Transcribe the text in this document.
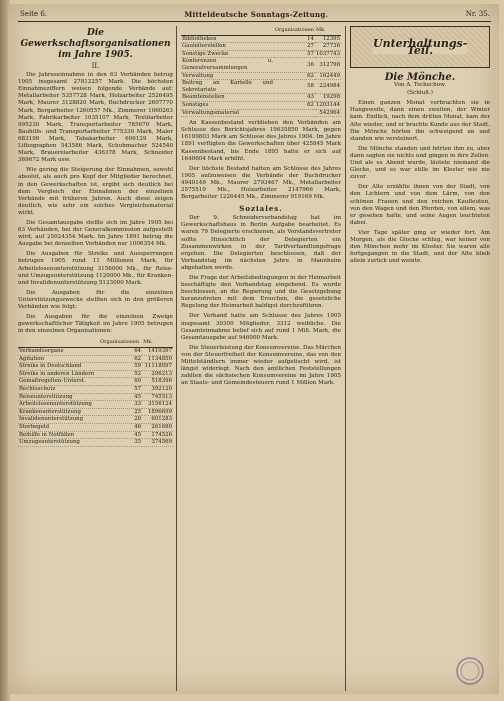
Seite 6.	Mitteldeutsche Sonntags-Zeitung.	Nr. 35.
Die Gewerkschaftsorganisationen im Jahre 1905.
II.

Die Jahreseinnahme in den 63 Verbänden betrug 1905 insgesamt 27812257 Mark. Die höchsten Einnahmeziffern weisen folgende Verbände auf: Metallarbeiter 5357728 Mark, Holzarbeiter 2526495 Mark, Maurer 3128820 Mark, Buchdrucker 2607770 Mark, Bergarbeiter 1260557 Mk., Zimmerer 1060263 Mark, Fabrikarbeiter 1035107 Mark, Textilarbeiter 995230 Mark, Transportarbeiter 785670 Mark, Bauhilfs- und Transportarbeiter 775330 Mark, Maler 683199 Mark, Tabakarbeiter 606129 Mark, Lithographen 543586 Mark, Schuhmacher 524540 Mark, Brauereiarbeiter 436378 Mark, Schneider 369672 Mark usw.

Wie gering die Steigerung der Einnahmen, sowohl absolut, als auch pro Kopf der Mitglieder berechnet, in den Gewerkschaften ist, ergibt sich deutlich bei dem Vergleich der Einnahmen der einzelnen Verbände mit früheren Jahren. Auch diese zeigen deutlich, wie sehr ein solches Vergleichsmaterial wirkt.

Die Gesamtausgabe stellte sich im Jahre 1905 bei 63 Verbänden, bei der Generalkommission aufgestellt wird, auf 25024354 Mark. Im Jahre 1891 betrug die Ausgabe bei denselben Verbänden nur 1006354 Mk.

Die Ausgaben für Streiks und Aussperrungen betrugen 1905 rund 11 Millionen Mark, für Arbeitslosenunterstützung 3156000 Mk., für Reise- und Umzugsunterstützung 1120000 Mk., für Kranken- und Invalidenunterstützung 5123000 Mark.

Die Ausgaben für die einzelnen Unterstützungszwecke stellten sich in den größeren Verbänden wie folgt:

Die Ausgaben für die einzelnen Zweige gewerkschaftlicher Tätigkeit im Jahre 1905 betrugen in den einzelnen Organisationen:

	Organisationen	Mk.
Verbandsorgane	64	1419397
Agitation	62	1134850
Streiks in Deutschland	59	11118097
Streiks in anderen Ländern	52	296213
Gemaßregelten-Unterst.	60	518396
Rechtsschutz	57	392120
Reiseunterstützung	45	745513
Arbeitslosenunterstützung	33	3156124
Krankenunterstützung	25	1896699
Invalidenunterstützung	20	601283
Sterbegeld	46	261680
Beihilfe in Notfällen	45	174526
Umzugsunterstützung	35	374569
	Organisationen	Mk.
Bibliotheken	14	12395
Gauleiterstellen	27	27736
Sonstige Zwecke	57	1037743
Konferenzen u. Generalversammlungen	36	312798
Verwaltung	62	162449
Beitrag an Kartelle und Sekretariate	58	224984
Beamtenstellen	43	19298
Sonstiges	62	1203144
Verwaltungsmaterial		542964

An Kassenbestand verblieben den Verbänden am Schlusse des Berichtsjahres 19635850 Mark, gegen 16199803 Mark am Schlusse des Jahres 1904. Im Jahre 1891 verfügten die Gewerkschaften über 425845 Mark Kassenbestand, bis Ende 1895 hatte er sich auf 1640604 Mark erhöht.

Der höchste Bestand hatten am Schlusse des Jahres 1905 aufzuweisen die Verbände der Buchdrucker 4940149 Mk., Maurer 2793467 Mk., Metallarbeiter 2575510 Mk., Holzarbeiter 2147966 Mark, Bergarbeiter 1226445 Mk., Zimmerer 919169 Mk.

Soziales.

Der 9. Schneiderverbandstag hat im Gewerkschaftshaus in Berlin Aufgabe bearbeitet. Es waren 79 Delegierte erschienen, als Vorstandsvertreter sollte Hinsichtlich der Delegierten ein Zusammenwirken in der Tarifverhandlungsfrage ergehen. Die Delegierten beschlossen, daß der Verbandstag im nächsten Jahre in Mannheim abgehalten werde.

Die Frage der Arbeitsbedingungen in der Heimarbeit beschäftigte den Verbandstag eingehend. Es wurde beschlossen, an die Regierung und die Gesetzgebung heranzutreten mit dem Ersuchen, die gesetzliche Regelung der Heimarbeit baldigst durchzuführen.

Der Verband hatte am Schlusse des Jahres 1905 insgesamt 30300 Mitglieder, 3312 weibliche. Die Gesamteinnahme belief sich auf rund 1 Mill. Mark, die Gesamtausgabe auf 946000 Mark.

Die Steuerleistung der Konsumvereine. Das Märchen von der Steuerfreiheit der Konsumvereine, das von den Mittelständlern immer wieder aufgetischt wird, ist längst widerlegt. Nach den amtlichen Feststellungen zahlten die sächsischen Konsumvereine im Jahre 1905 an Staats- und Gemeindesteuern rund 1 Million Mark.

Unterhaltungs-Teil.
Die Mönche.
Von A. Tschechow.
(Schluß.)

Einen ganzen Monat verbrachten sie in Hangeweile, dann einen zweiten, der Winter kam. Endlich, nach dem dritten Monat, kam der Alte wieder, und er brachte Kunde aus der Stadt. Die Mönche hörten ihn schweigend an und standen wie versteinert.

Die Mönche standen und hörten ihm zu, aber dann sagten sie nichts und gingen in ihre Zellen. Und als es Abend wurde, läutete niemand die Glocke, und es war stille im Kloster wie nie zuvor.

Der Alte erzählte ihnen von der Stadt, von den Lichtern und von dem Lärm, von den schönen Frauen und den reichen Kaufleuten, von den Wagen und den Pferden, von allem, was er gesehen hatte, und seine Augen leuchteten dabei.

Vier Tage später ging er wieder fort. Am Morgen, als die Glocke schlug, war keiner von den Mönchen mehr im Kloster. Sie waren alle fortgegangen in die Stadt, und der Alte blieb allein zurück und weinte.
